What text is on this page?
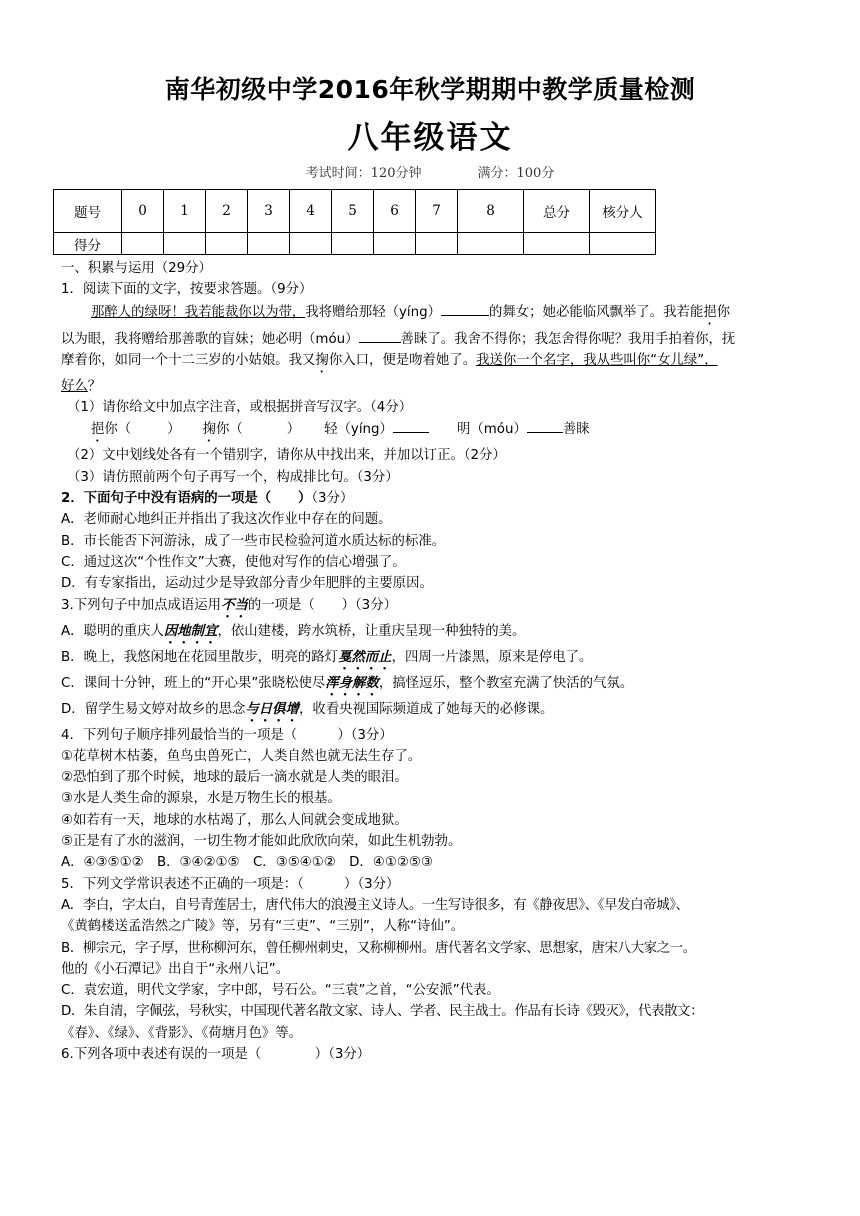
南华初级中学2016年秋学期期中教学质量检测
八年级语文
考试时间：120分钟	满分：100分
题号	0	1	2	3	4	5	6	7	8	总分	核分人
得分											

一、积累与运用（29分）

1．阅读下面的文字，按要求答题。（9分）

那醉人的绿呀！我若能裁你以为带，我将赠给那轻（yíng）	的舞女；她必能临风飘举了。我若能挹你

以为眼，我将赠给那善歌的盲妹；她必明（móu）	善睐了。我舍不得你；我怎舍得你呢？我用手拍着你，抚

摩着你，如同一个十二三岁的小姑娘。我又掬你入口，便是吻着她了。我送你一个名字，我从些叫你“女儿绿”，

好么？

（1）请你给文中加点字注音，或根据拼音写汉字。（4分）

挹你（	） 掬你（	） 轻（yíng）	明（móu）	善睐

（2）文中划线处各有一个错别字，请你从中找出来，并加以订正。（2分）

（3）请仿照前两个句子再写一个，构成排比句。（3分）

2．下面句子中没有语病的一项是（　　）（3分）

A．老师耐心地纠正并指出了我这次作业中存在的问题。

B．市长能否下河游泳，成了一些市民检验河道水质达标的标准。

C．通过这次“个性作文”大赛，使他对写作的信心增强了。

D．有专家指出，运动过少是导致部分青少年肥胖的主要原因。

3.下列句子中加点成语运用不当的一项是（　　）（3分）

A．聪明的重庆人因地制宜，依山建楼，跨水筑桥，让重庆呈现一种独特的美。

B．晚上，我悠闲地在花园里散步，明亮的路灯戛然而止，四周一片漆黑，原来是停电了。

C．课间十分钟，班上的“开心果”张晓松使尽浑身解数，搞怪逗乐，整个教室充满了快活的气氛。

D．留学生易文婷对故乡的思念与日俱增，收看央视国际频道成了她每天的必修课。

4．下列句子顺序排列最恰当的一项是（　　　）（3分）

①花草树木枯萎，鱼鸟虫兽死亡，人类自然也就无法生存了。

②恐怕到了那个时候，地球的最后一滴水就是人类的眼泪。

③水是人类生命的源泉，水是万物生长的根基。

④如若有一天，地球的水枯竭了，那么人间就会变成地狱。

⑤正是有了水的滋润，一切生物才能如此欣欣向荣，如此生机勃勃。

A．④③⑤①②　B．③④②①⑤　C．③⑤④①②　D．④①②⑤③

5．下列文学常识表述不正确的一项是：（　　　）（3分）

A．李白，字太白，自号青莲居士，唐代伟大的浪漫主义诗人。一生写诗很多，有《静夜思》、《早发白帝城》、

《黄鹤楼送孟浩然之广陵》等，另有“三吏”、“三别”，人称“诗仙”。

B．柳宗元，字子厚，世称柳河东，曾任柳州刺史，又称柳柳州。唐代著名文学家、思想家，唐宋八大家之一。

他的《小石潭记》出自于“永州八记”。

C．袁宏道，明代文学家，字中郎，号石公。“三袁”之首，“公安派”代表。

D．朱自清，字佩弦，号秋实，中国现代著名散文家、诗人、学者、民主战士。作品有长诗《毁灭》，代表散文：

《春》、《绿》、《背影》、《荷塘月色》等。

6.下列各项中表述有误的一项是（　　　　）（3分）
